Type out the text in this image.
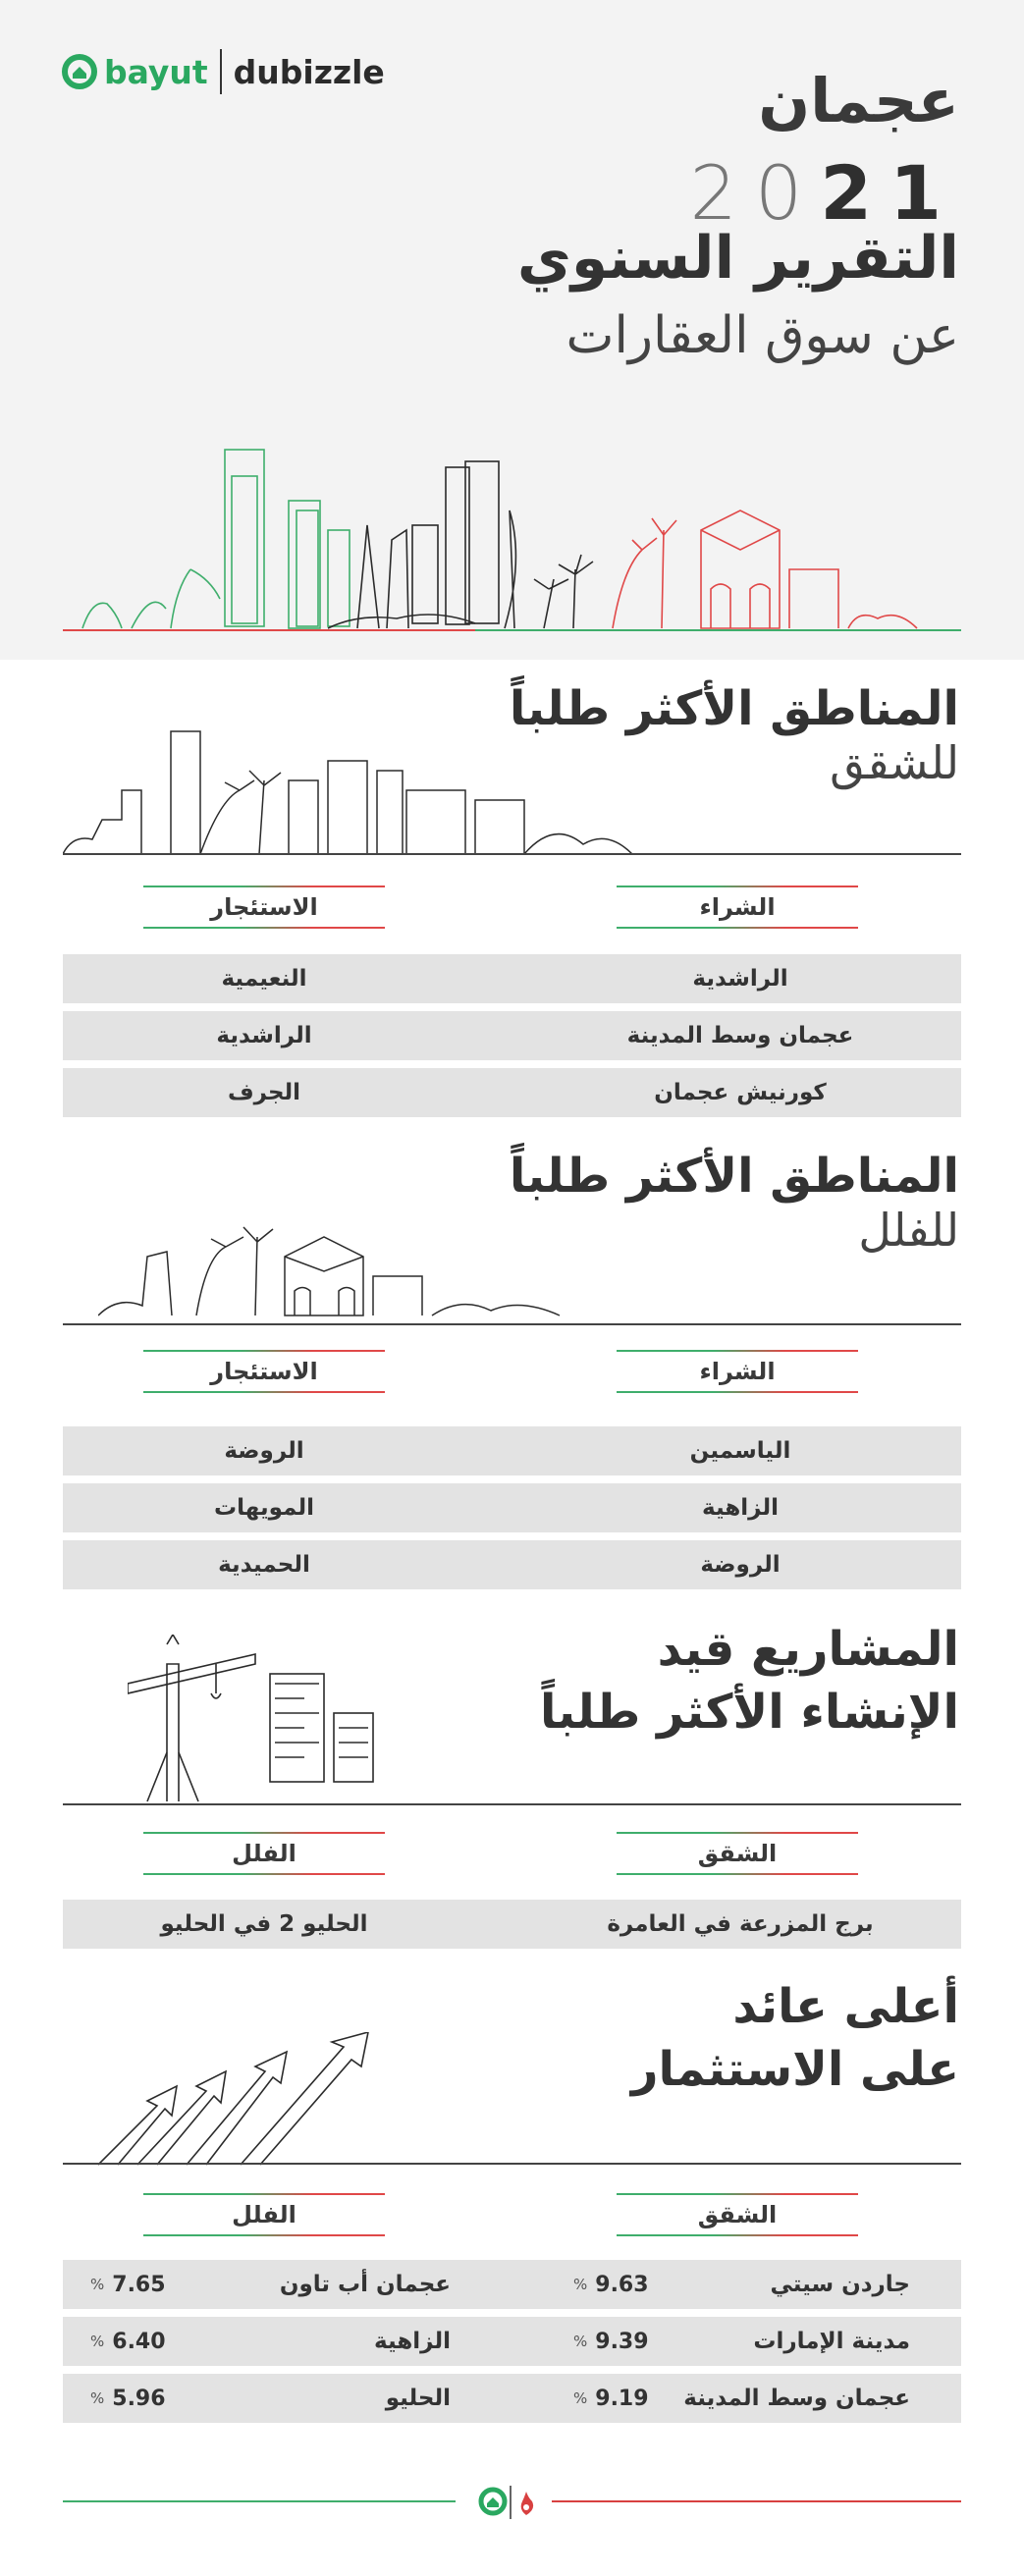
bayut dubizzle	عجمان
2021
التقرير السنوي
عن سوق العقارات
المناطق الأكثر طلباً
للشقق
الشراء
الاستئجار
الراشدية
النعيمية
عجمان وسط المدينة
الراشدية
كورنيش عجمان
الجرف
المناطق الأكثر طلباً
للفلل
الشراء
الاستئجار
الياسمين
الروضة
الزاهية
المويهات
الروضة
الحميدية
المشاريع قيد
الإنشاء الأكثر طلباً
الشقق
الفلل
برج المزرعة في العامرة
الحليو 2 في الحليو
أعلى عائد
على الاستثمار
الشقق
الفلل
جاردن سيتي
% 9.63
عجمان أب تاون
% 7.65
مدينة الإمارات
% 9.39
الزاهية
% 6.40
عجمان وسط المدينة
% 9.19
الحليو
% 5.96
